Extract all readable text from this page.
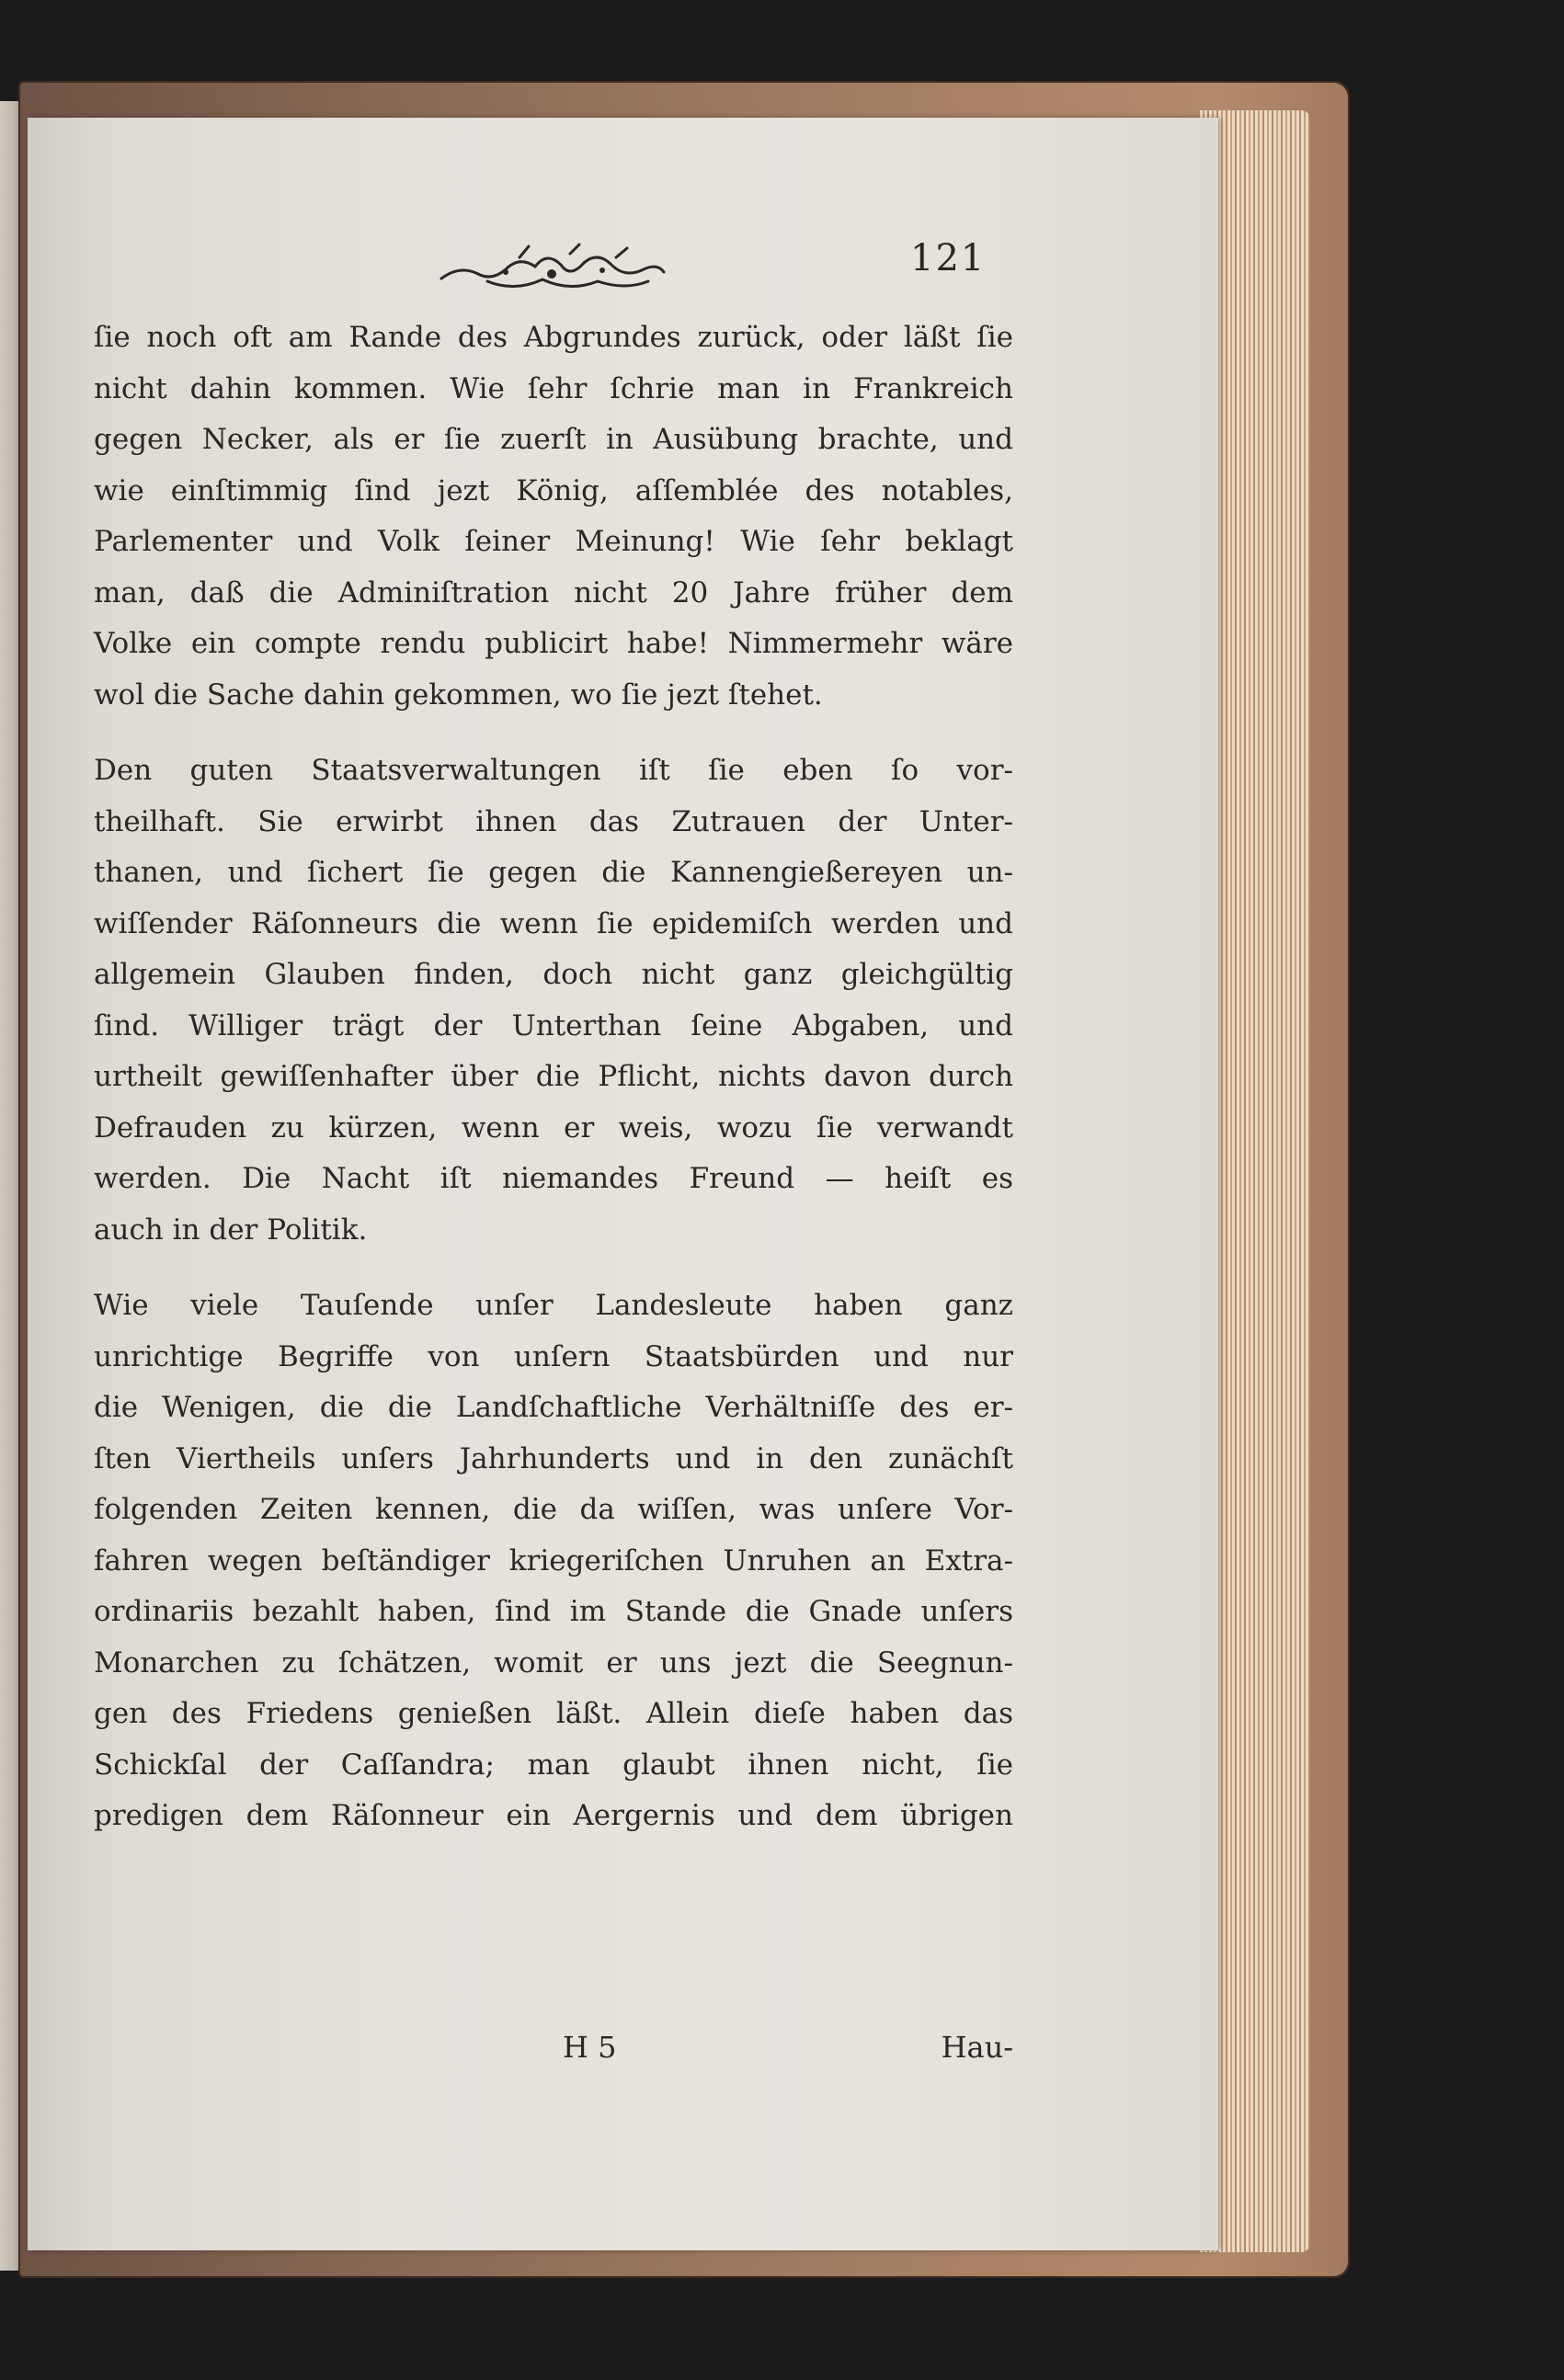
121

ſie noch oft am Rande des Abgrundes zurück, oder läßt ſie
nicht dahin kommen. Wie ſehr ſchrie man in Frankreich
gegen Necker, als er ſie zuerſt in Ausübung brachte, und
wie einſtimmig ſind jezt König, aſſemblée des notables,
Parlementer und Volk ſeiner Meinung! Wie ſehr beklagt
man, daß die Adminiſtration nicht 20 Jahre früher dem
Volke ein compte rendu publicirt habe! Nimmermehr wäre
wol die Sache dahin gekommen, wo ſie jezt ſtehet.

Den guten Staatsverwaltungen iſt ſie eben ſo vor-
theilhaft. Sie erwirbt ihnen das Zutrauen der Unter-
thanen, und ſichert ſie gegen die Kannengießereyen un-
wiſſender Räſonneurs die wenn ſie epidemiſch werden und
allgemein Glauben finden, doch nicht ganz gleichgültig
ſind. Williger trägt der Unterthan ſeine Abgaben, und
urtheilt gewiſſenhafter über die Pflicht, nichts davon durch
Defrauden zu kürzen, wenn er weis, wozu ſie verwandt
werden. Die Nacht iſt niemandes Freund — heiſt es
auch in der Politik.

Wie viele Tauſende unſer Landesleute haben ganz
unrichtige Begriffe von unſern Staatsbürden und nur
die Wenigen, die die Landſchaftliche Verhältniſſe des er-
ſten Viertheils unſers Jahrhunderts und in den zunächſt
folgenden Zeiten kennen, die da wiſſen, was unſere Vor-
fahren wegen beſtändiger kriegeriſchen Unruhen an Extra-
ordinariis bezahlt haben, ſind im Stande die Gnade unſers
Monarchen zu ſchätzen, womit er uns jezt die Seegnun-
gen des Friedens genießen läßt. Allein dieſe haben das
Schickſal der Caſſandra; man glaubt ihnen nicht, ſie
predigen dem Räſonneur ein Aergernis und dem übrigen

H 5	Hau-
